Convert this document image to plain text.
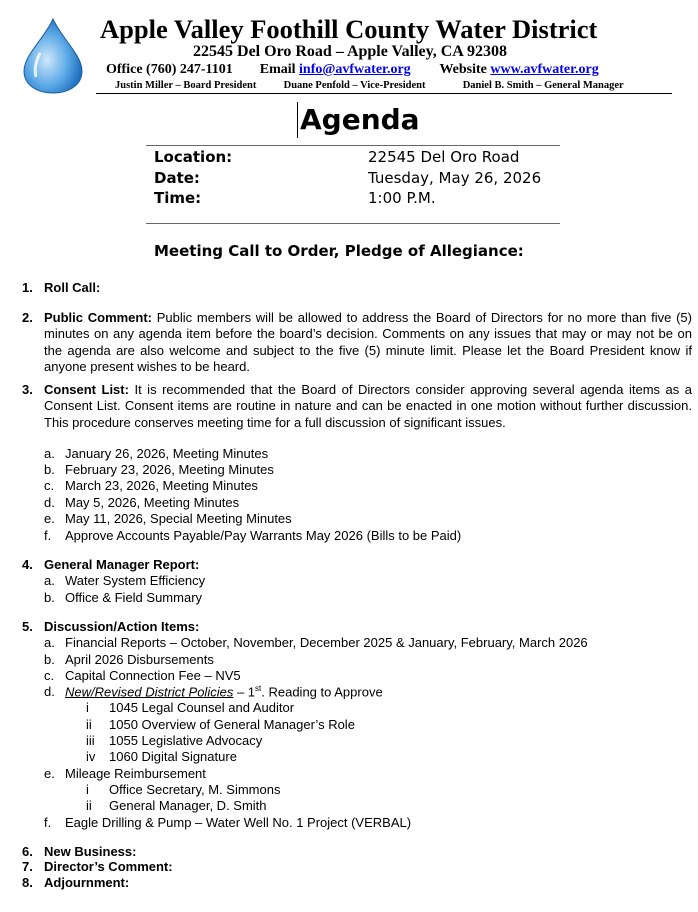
Apple Valley Foothill County Water District
22545 Del Oro Road – Apple Valley, CA 92308
Office (760) 247-1101 Email info@avfwater.org Website www.avfwater.org
Justin Miller – Board President	Duane Penfold – Vice-President	Daniel B. Smith – General Manager
Agenda
Location:	22545 Del Oro Road
Date:	Tuesday, May 26, 2026
Time:	1:00 P.M.
Meeting Call to Order, Pledge of Allegiance:
1. Roll Call:
2. Public Comment: Public members will be allowed to address the Board of Directors for no more than five (5) minutes on any agenda item before the board’s decision. Comments on any issues that may or may not be on the agenda are also welcome and subject to the five (5) minute limit. Please let the Board President know if anyone present wishes to be heard.
3. Consent List: It is recommended that the Board of Directors consider approving several agenda items as a Consent List. Consent items are routine in nature and can be enacted in one motion without further discussion. This procedure conserves meeting time for a full discussion of significant issues.
a. January 26, 2026, Meeting Minutes
b. February 23, 2026, Meeting Minutes
c. March 23, 2026, Meeting Minutes
d. May 5, 2026, Meeting Minutes
e. May 11, 2026, Special Meeting Minutes
f. Approve Accounts Payable/Pay Warrants May 2026 (Bills to be Paid)
4. General Manager Report:
a. Water System Efficiency
b. Office & Field Summary
5. Discussion/Action Items:
a. Financial Reports – October, November, December 2025 & January, February, March 2026
b. April 2026 Disbursements
c. Capital Connection Fee – NV5
d. New/Revised District Policies – 1st. Reading to Approve
i	1045 Legal Counsel and Auditor
ii	1050 Overview of General Manager’s Role
iii	1055 Legislative Advocacy
iv	1060 Digital Signature
e. Mileage Reimbursement
i	Office Secretary, M. Simmons
ii	General Manager, D. Smith
f. Eagle Drilling & Pump – Water Well No. 1 Project (VERBAL)
6. New Business:
7. Director’s Comment:
8. Adjournment:
